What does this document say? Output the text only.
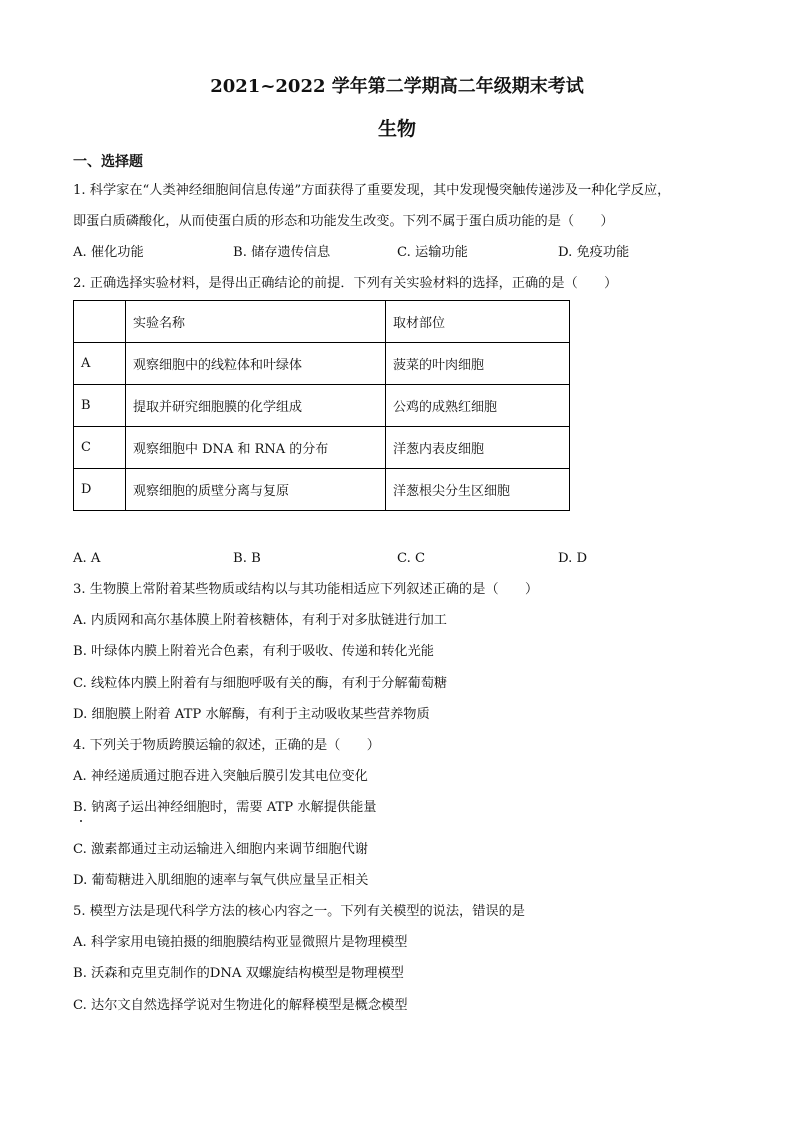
2021~2022 学年第二学期高二年级期末考试
生物
一、选择题
1. 科学家在“人类神经细胞间信息传递”方面获得了重要发现，其中发现慢突触传递涉及一种化学反应，
即蛋白质磷酸化，从而使蛋白质的形态和功能发生改变。下列不属于蛋白质功能的是（　　）
A. 催化功能	B. 储存遗传信息	C. 运输功能	D. 免疫功能
2. 正确选择实验材料，是得出正确结论的前提．下列有关实验材料的选择，正确的是（　　）
	实验名称	取材部位
A	观察细胞中的线粒体和叶绿体	菠菜的叶肉细胞
B	提取并研究细胞膜的化学组成	公鸡的成熟红细胞
C	观察细胞中 DNA 和 RNA 的分布	洋葱内表皮细胞
D	观察细胞的质壁分离与复原	洋葱根尖分生区细胞
A. A	B. B	C. C	D. D
3. 生物膜上常附着某些物质或结构以与其功能相适应下列叙述正确的是（　　）
A. 内质网和高尔基体膜上附着核糖体，有利于对多肽链进行加工
B. 叶绿体内膜上附着光合色素，有利于吸收、传递和转化光能
C. 线粒体内膜上附着有与细胞呼吸有关的酶，有利于分解葡萄糖
D. 细胞膜上附着 ATP 水解酶，有利于主动吸收某些营养物质
4. 下列关于物质跨膜运输的叙述，正确的是（　　）
A. 神经递质通过胞吞进入突触后膜引发其电位变化
B. 钠离子运出神经细胞时，需要 ATP 水解提供能量
C. 激素都通过主动运输进入细胞内来调节细胞代谢
D. 葡萄糖进入肌细胞的速率与氧气供应量呈正相关
5. 模型方法是现代科学方法的核心内容之一。下列有关模型的说法，错误的是
A. 科学家用电镜拍摄的细胞膜结构亚显微照片是物理模型
B. 沃森和克里克制作的DNA 双螺旋结构模型是物理模型
C. 达尔文自然选择学说对生物进化的解释模型是概念模型
